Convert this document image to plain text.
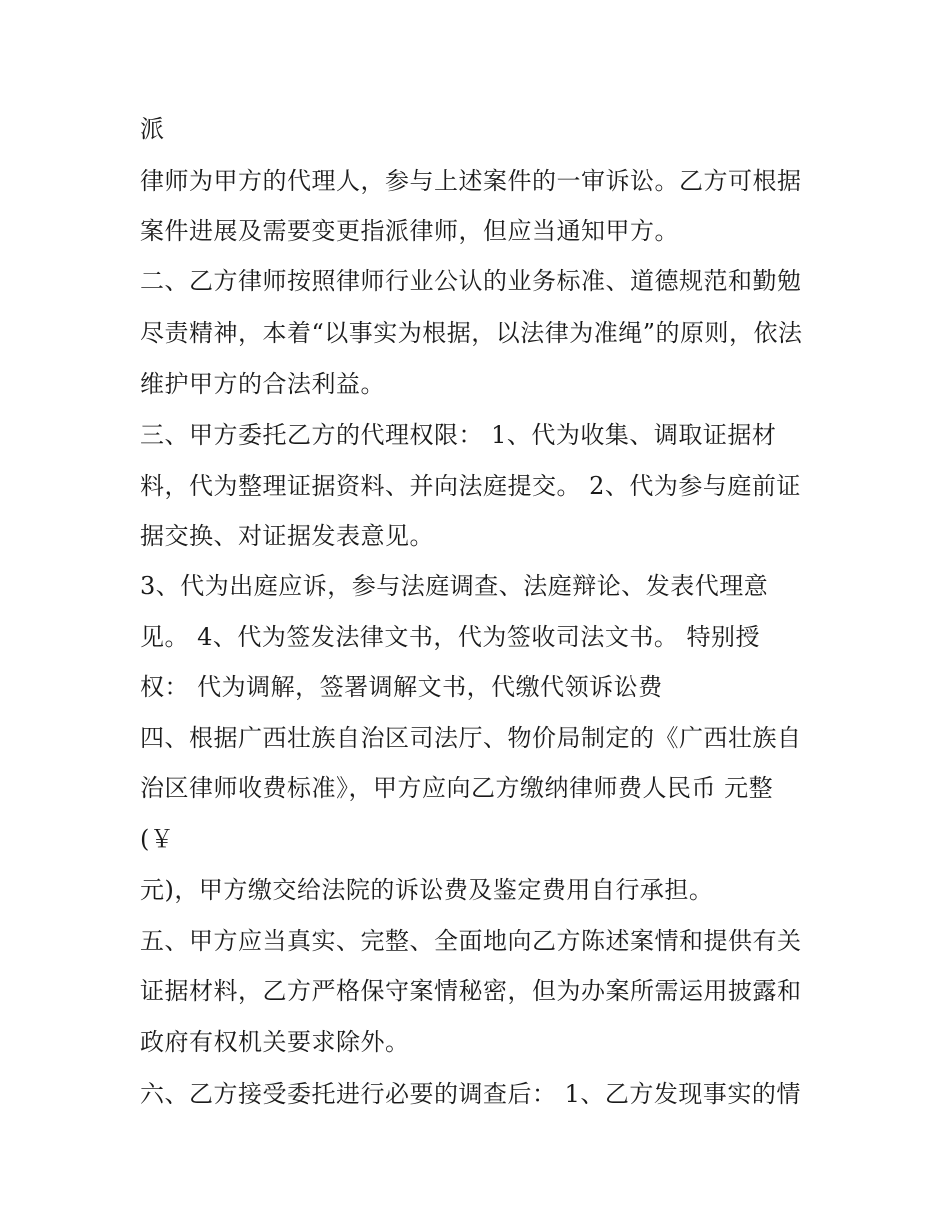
派
律师为甲方的代理人，参与上述案件的一审诉讼。乙方可根据
案件进展及需要变更指派律师，但应当通知甲方。
二、乙方律师按照律师行业公认的业务标准、道德规范和勤勉
尽责精神，本着“以事实为根据，以法律为准绳”的原则，依法
维护甲方的合法利益。
三、甲方委托乙方的代理权限： 1、代为收集、调取证据材
料，代为整理证据资料、并向法庭提交。 2、代为参与庭前证
据交换、对证据发表意见。
3、代为出庭应诉，参与法庭调查、法庭辩论、发表代理意
见。 4、代为签发法律文书，代为签收司法文书。 特别授
权： 代为调解，签署调解文书，代缴代领诉讼费
四、根据广西壮族自治区司法厅、物价局制定的《广西壮族自
治区律师收费标准》，甲方应向乙方缴纳律师费人民币 元整
(￥
元)，甲方缴交给法院的诉讼费及鉴定费用自行承担。
五、甲方应当真实、完整、全面地向乙方陈述案情和提供有关
证据材料，乙方严格保守案情秘密，但为办案所需运用披露和
政府有权机关要求除外。
六、乙方接受委托进行必要的调查后： 1、乙方发现事实的情
